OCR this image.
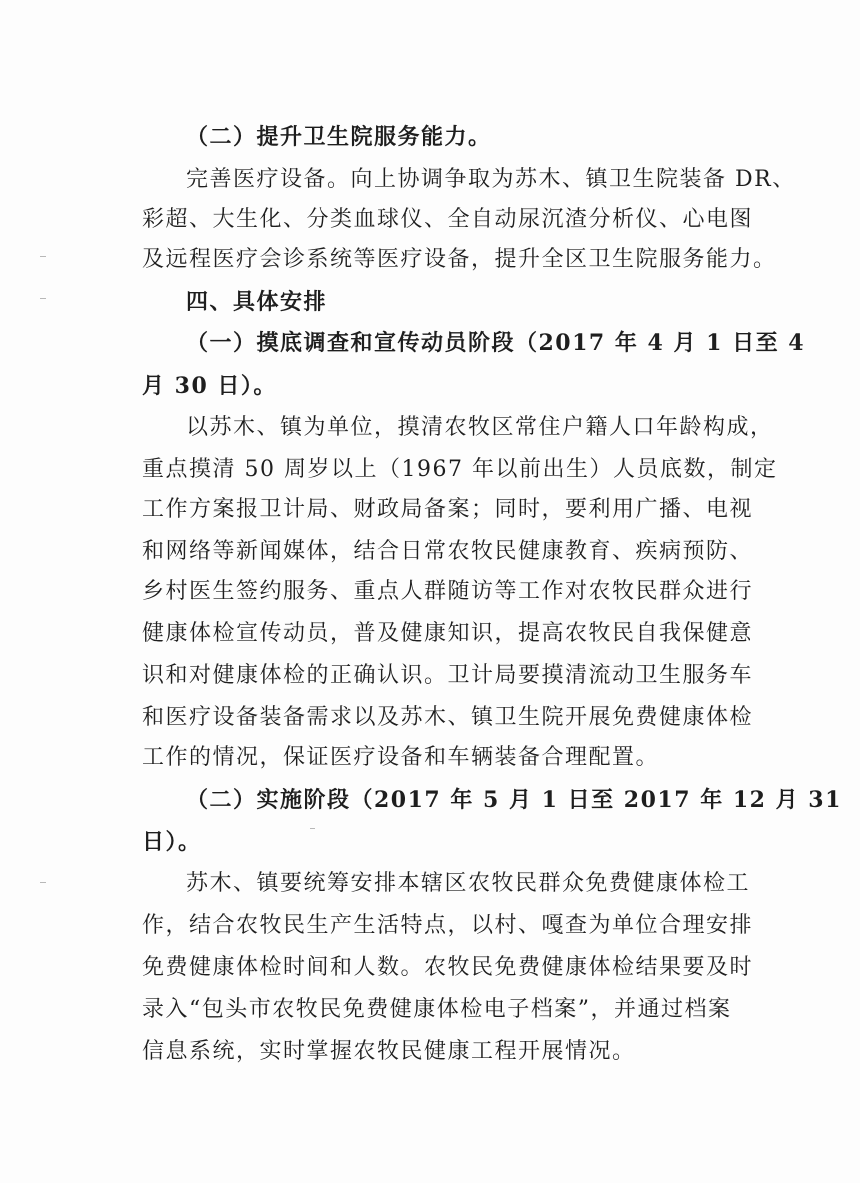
（二）提升卫生院服务能力。
完善医疗设备。向上协调争取为苏木、镇卫生院装备 DR、
彩超、大生化、分类血球仪、全自动尿沉渣分析仪、心电图
及远程医疗会诊系统等医疗设备，提升全区卫生院服务能力。
四、具体安排
（一）摸底调查和宣传动员阶段（2017 年 4 月 1 日至 4
月 30 日）。
以苏木、镇为单位，摸清农牧区常住户籍人口年龄构成，
重点摸清 50 周岁以上（1967 年以前出生）人员底数，制定
工作方案报卫计局、财政局备案；同时，要利用广播、电视
和网络等新闻媒体，结合日常农牧民健康教育、疾病预防、
乡村医生签约服务、重点人群随访等工作对农牧民群众进行
健康体检宣传动员，普及健康知识，提高农牧民自我保健意
识和对健康体检的正确认识。卫计局要摸清流动卫生服务车
和医疗设备装备需求以及苏木、镇卫生院开展免费健康体检
工作的情况，保证医疗设备和车辆装备合理配置。
（二）实施阶段（2017 年 5 月 1 日至 2017 年 12 月 31
日）。
苏木、镇要统筹安排本辖区农牧民群众免费健康体检工
作，结合农牧民生产生活特点，以村、嘎查为单位合理安排
免费健康体检时间和人数。农牧民免费健康体检结果要及时
录入“包头市农牧民免费健康体检电子档案”，并通过档案
信息系统，实时掌握农牧民健康工程开展情况。
